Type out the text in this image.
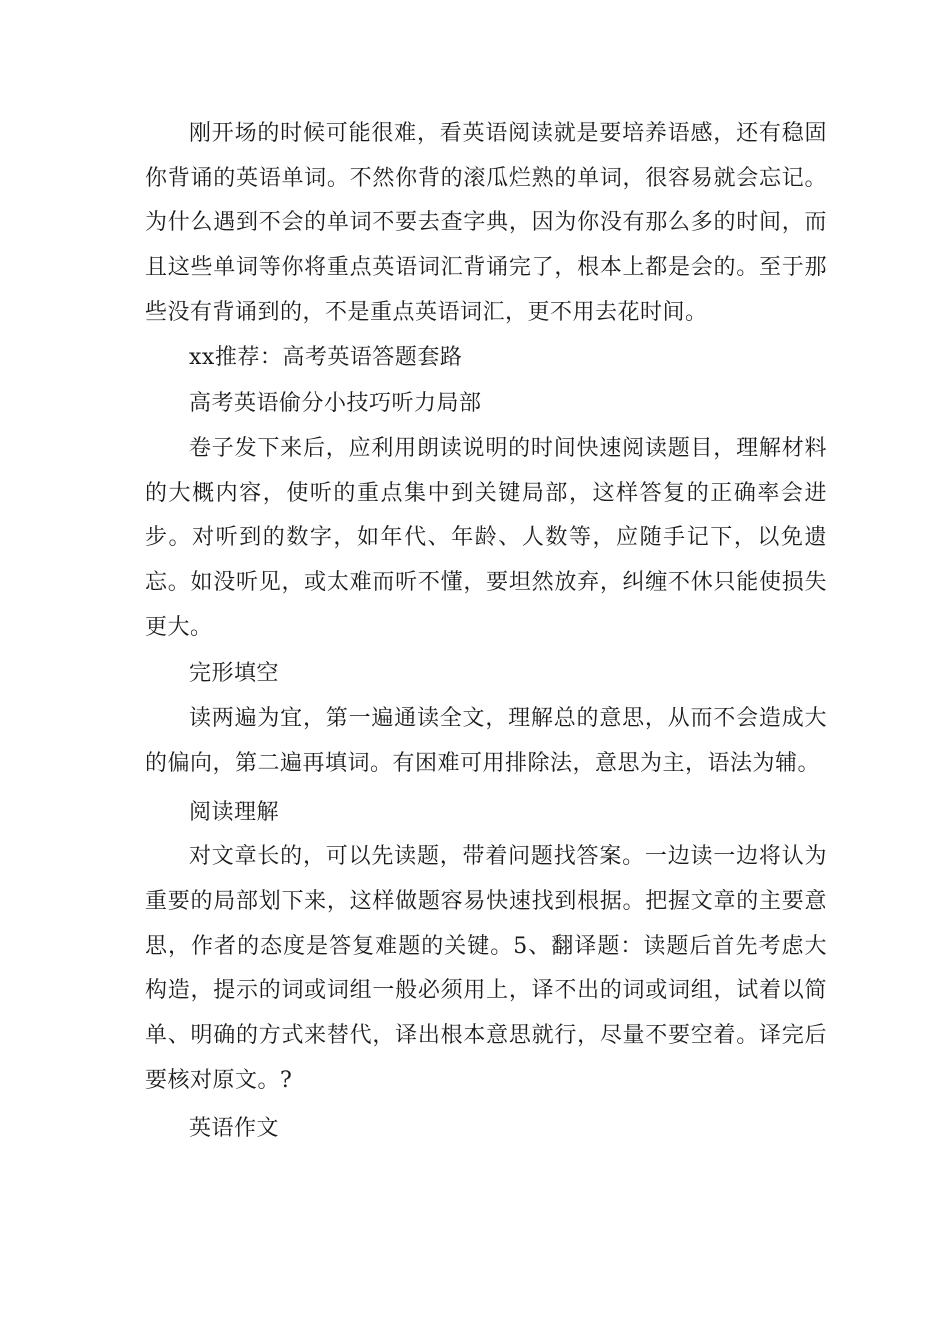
刚开场的时候可能很难，看英语阅读就是要培养语感，还有稳固你背诵的英语单词。不然你背的滚瓜烂熟的单词，很容易就会忘记。为什么遇到不会的单词不要去查字典，因为你没有那么多的时间，而且这些单词等你将重点英语词汇背诵完了，根本上都是会的。至于那些没有背诵到的，不是重点英语词汇，更不用去花时间。

xx推荐：高考英语答题套路

高考英语偷分小技巧听力局部

卷子发下来后，应利用朗读说明的时间快速阅读题目，理解材料的大概内容，使听的重点集中到关键局部，这样答复的正确率会进步。对听到的数字，如年代、年龄、人数等，应随手记下，以免遗忘。如没听见，或太难而听不懂，要坦然放弃，纠缠不休只能使损失更大。

完形填空

读两遍为宜，第一遍通读全文，理解总的意思，从而不会造成大的偏向，第二遍再填词。有困难可用排除法，意思为主，语法为辅。

阅读理解

对文章长的，可以先读题，带着问题找答案。一边读一边将认为重要的局部划下来，这样做题容易快速找到根据。把握文章的主要意思，作者的态度是答复难题的关键。5、翻译题：读题后首先考虑大构造，提示的词或词组一般必须用上，译不出的词或词组，试着以简单、明确的方式来替代，译出根本意思就行，尽量不要空着。译完后要核对原文。?

英语作文
